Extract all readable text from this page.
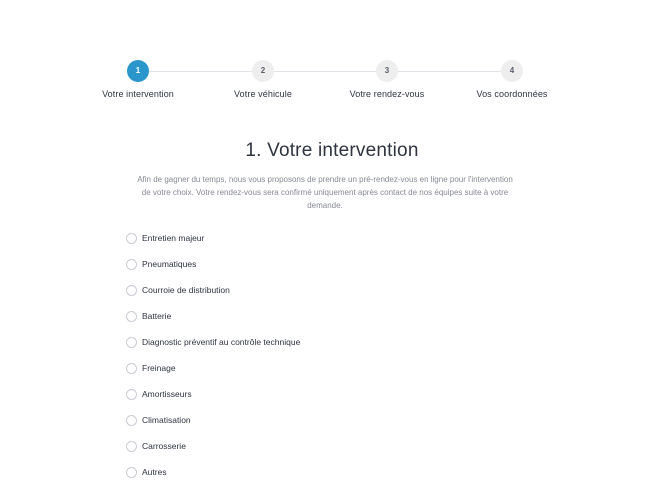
1
Votre intervention
2
Votre véhicule
3
Votre rendez-vous
4
Vos coordonnées
1. Votre intervention

Afin de gagner du temps, nous vous proposons de prendre un pré-rendez-vous en ligne pour l'intervention de votre choix. Votre rendez-vous sera confirmé uniquement après contact de nos équipes suite à votre demande.

Entretien majeur
Pneumatiques
Courroie de distribution
Batterie
Diagnostic préventif au contrôle technique
Freinage
Amortisseurs
Climatisation
Carrosserie
Autres
